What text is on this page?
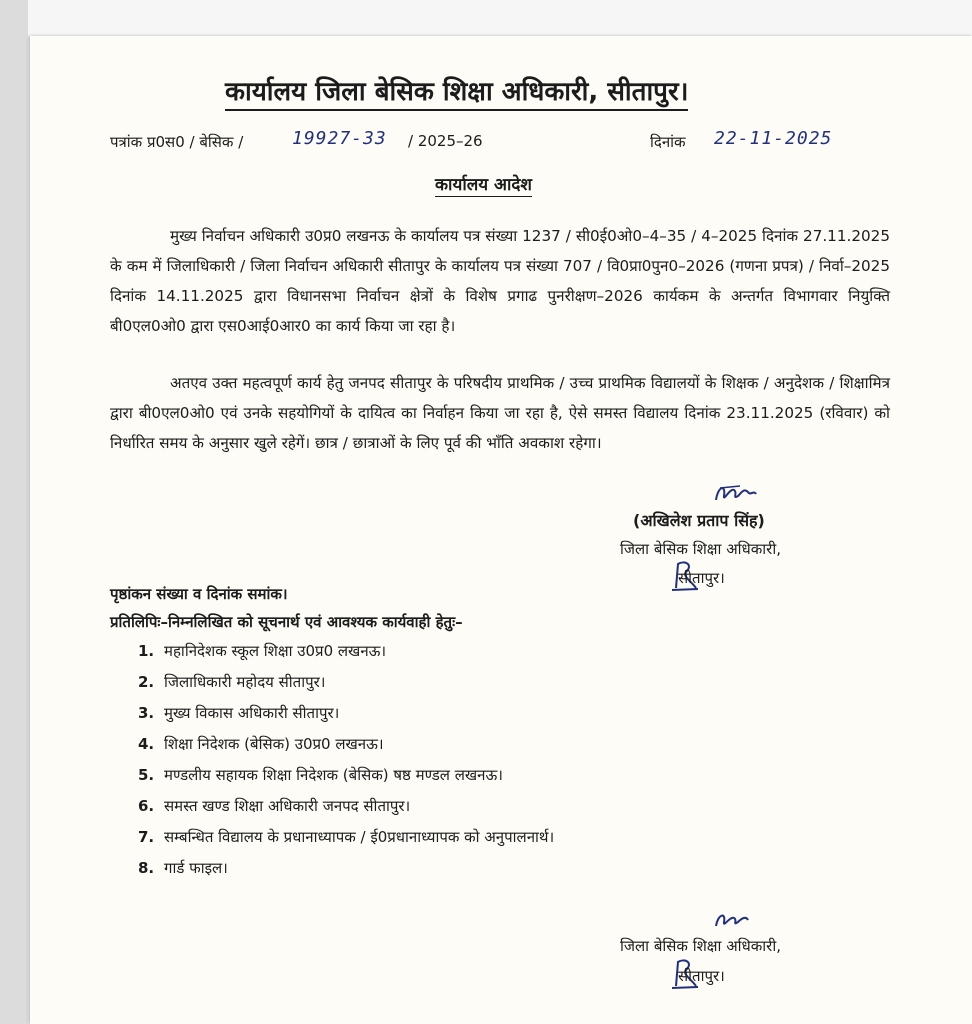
कार्यालय जिला बेसिक शिक्षा अधिकारी, सीतापुर।
पत्रांक प्र0स0 / बेसिक /	19927-33 / 2025–26	दिनांक 22-11-2025
कार्यालय आदेश
मुख्य निर्वाचन अधिकारी उ0प्र0 लखनऊ के कार्यालय पत्र संख्या 1237 / सी0ई0ओ0–4–35 / 4–2025 दिनांक 27.11.2025 के कम में जिलाधिकारी / जिला निर्वाचन अधिकारी सीतापुर के कार्यालय पत्र संख्या 707 / वि0प्रा0पुन0–2026 (गणना प्रपत्र) / निर्वा–2025 दिनांक 14.11.2025 द्वारा विधानसभा निर्वाचन क्षेत्रों के विशेष प्रगाढ पुनरीक्षण–2026 कार्यकम के अन्तर्गत विभागवार नियुक्ति बी0एल0ओ0 द्वारा एस0आई0आर0 का कार्य किया जा रहा है।
अतएव उक्त महत्वपूर्ण कार्य हेतु जनपद सीतापुर के परिषदीय प्राथमिक / उच्च प्राथमिक विद्यालयों के शिक्षक / अनुदेशक / शिक्षामित्र द्वारा बी0एल0ओ0 एवं उनके सहयोगियों के दायित्व का निर्वाहन किया जा रहा है, ऐसे समस्त विद्यालय दिनांक 23.11.2025 (रविवार) को निर्धारित समय के अनुसार खुले रहेगें। छात्र / छात्राओं के लिए पूर्व की भाँति अवकाश रहेगा।
(अखिलेश प्रताप सिंह)
जिला बेसिक शिक्षा अधिकारी,
सीतापुर।
पृष्ठांकन संख्या व दिनांक समांक।
प्रतिलिपिः–निम्नलिखित को सूचनार्थ एवं आवश्यक कार्यवाही हेतुः–
1. महानिदेशक स्कूल शिक्षा उ0प्र0 लखनऊ।
2. जिलाधिकारी महोदय सीतापुर।
3. मुख्य विकास अधिकारी सीतापुर।
4. शिक्षा निदेशक (बेसिक) उ0प्र0 लखनऊ।
5. मण्डलीय सहायक शिक्षा निदेशक (बेसिक) षष्ठ मण्डल लखनऊ।
6. समस्त खण्ड शिक्षा अधिकारी जनपद सीतापुर।
7. सम्बन्धित विद्यालय के प्रधानाध्यापक / ई0प्रधानाध्यापक को अनुपालनार्थ।
8. गार्ड फाइल।
जिला बेसिक शिक्षा अधिकारी,
सीतापुर।
